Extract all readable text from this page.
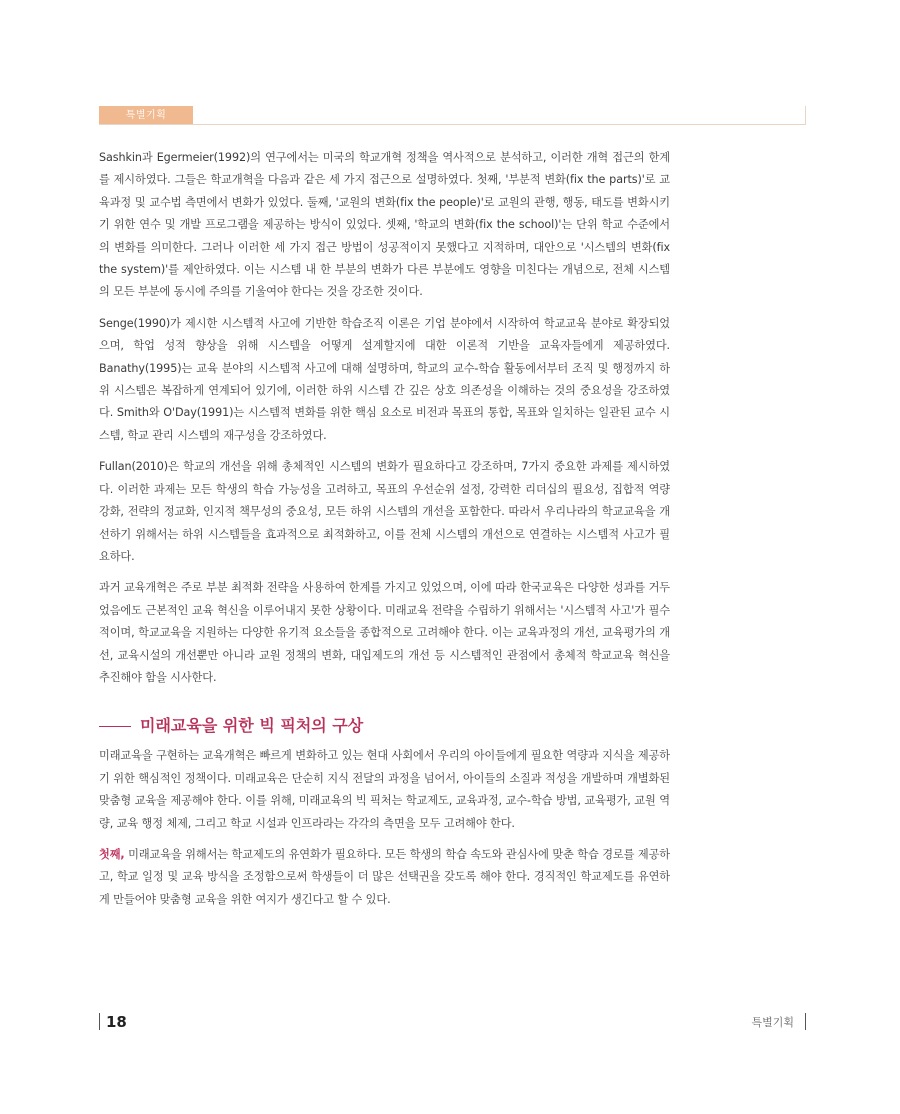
특별기획

Sashkin과 Egermeier(1992)의 연구에서는 미국의 학교개혁 정책을 역사적으로 분석하고, 이러한 개혁 접근의 한계를 제시하였다. 그들은 학교개혁을 다음과 같은 세 가지 접근으로 설명하였다. 첫째, '부분적 변화(fix the parts)'로 교육과정 및 교수법 측면에서 변화가 있었다. 둘째, '교원의 변화(fix the people)'로 교원의 관행, 행동, 태도를 변화시키기 위한 연수 및 개발 프로그램을 제공하는 방식이 있었다. 셋째, '학교의 변화(fix the school)'는 단위 학교 수준에서의 변화를 의미한다. 그러나 이러한 세 가지 접근 방법이 성공적이지 못했다고 지적하며, 대안으로 '시스템의 변화(fix the system)'를 제안하였다. 이는 시스템 내 한 부분의 변화가 다른 부분에도 영향을 미친다는 개념으로, 전체 시스템의 모든 부분에 동시에 주의를 기울여야 한다는 것을 강조한 것이다.

Senge(1990)가 제시한 시스템적 사고에 기반한 학습조직 이론은 기업 분야에서 시작하여 학교교육 분야로 확장되었으며, 학업 성적 향상을 위해 시스템을 어떻게 설계할지에 대한 이론적 기반을 교육자들에게 제공하였다. Banathy(1995)는 교육 분야의 시스템적 사고에 대해 설명하며, 학교의 교수-학습 활동에서부터 조직 및 행정까지 하위 시스템은 복잡하게 연계되어 있기에, 이러한 하위 시스템 간 깊은 상호 의존성을 이해하는 것의 중요성을 강조하였다. Smith와 O'Day(1991)는 시스템적 변화를 위한 핵심 요소로 비전과 목표의 통합, 목표와 일치하는 일관된 교수 시스템, 학교 관리 시스템의 재구성을 강조하였다.

Fullan(2010)은 학교의 개선을 위해 총체적인 시스템의 변화가 필요하다고 강조하며, 7가지 중요한 과제를 제시하였다. 이러한 과제는 모든 학생의 학습 가능성을 고려하고, 목표의 우선순위 설정, 강력한 리더십의 필요성, 집합적 역량 강화, 전략의 정교화, 인지적 책무성의 중요성, 모든 하위 시스템의 개선을 포함한다. 따라서 우리나라의 학교교육을 개선하기 위해서는 하위 시스템들을 효과적으로 최적화하고, 이를 전체 시스템의 개선으로 연결하는 시스템적 사고가 필요하다.

과거 교육개혁은 주로 부분 최적화 전략을 사용하여 한계를 가지고 있었으며, 이에 따라 한국교육은 다양한 성과를 거두었음에도 근본적인 교육 혁신을 이루어내지 못한 상황이다. 미래교육 전략을 수립하기 위해서는 '시스템적 사고'가 필수적이며, 학교교육을 지원하는 다양한 유기적 요소들을 종합적으로 고려해야 한다. 이는 교육과정의 개선, 교육평가의 개선, 교육시설의 개선뿐만 아니라 교원 정책의 변화, 대입제도의 개선 등 시스템적인 관점에서 총체적 학교교육 혁신을 추진해야 함을 시사한다.

미래교육을 위한 빅 픽처의 구상

미래교육을 구현하는 교육개혁은 빠르게 변화하고 있는 현대 사회에서 우리의 아이들에게 필요한 역량과 지식을 제공하기 위한 핵심적인 정책이다. 미래교육은 단순히 지식 전달의 과정을 넘어서, 아이들의 소질과 적성을 개발하며 개별화된 맞춤형 교육을 제공해야 한다. 이를 위해, 미래교육의 빅 픽처는 학교제도, 교육과정, 교수-학습 방법, 교육평가, 교원 역량, 교육 행정 체제, 그리고 학교 시설과 인프라라는 각각의 측면을 모두 고려해야 한다.

첫째, 미래교육을 위해서는 학교제도의 유연화가 필요하다. 모든 학생의 학습 속도와 관심사에 맞춘 학습 경로를 제공하고, 학교 일정 및 교육 방식을 조정함으로써 학생들이 더 많은 선택권을 갖도록 해야 한다. 경직적인 학교제도를 유연하게 만들어야 맞춤형 교육을 위한 여지가 생긴다고 할 수 있다.

18	특별기획
